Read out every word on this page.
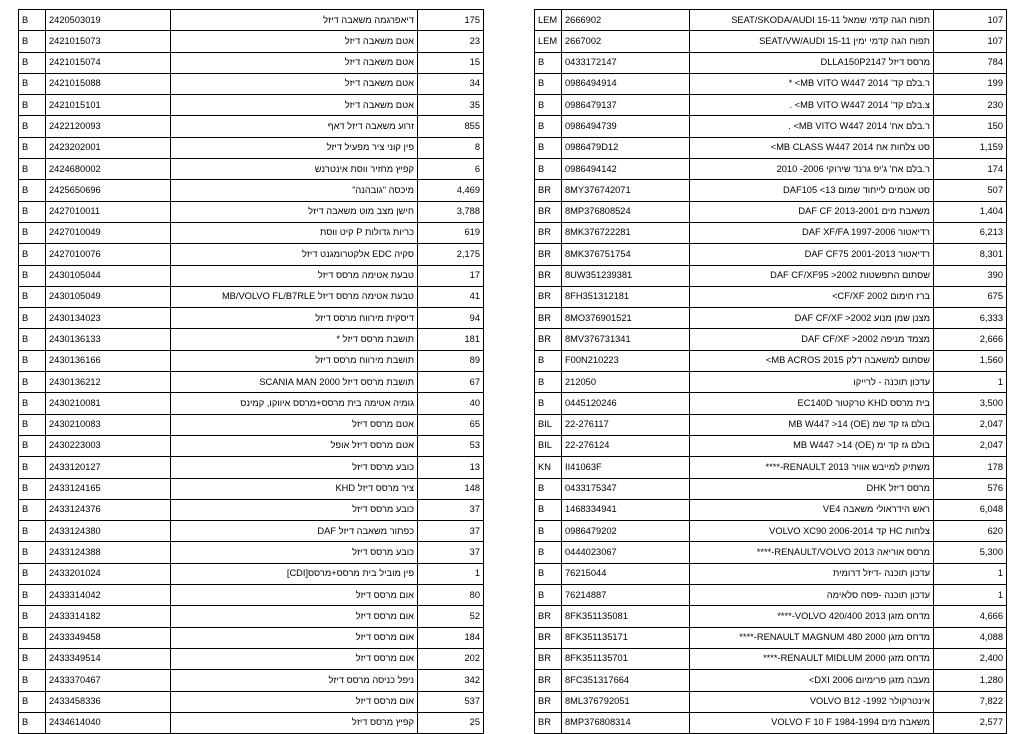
B	2420503019	דיאפרגמה משאבה דיזל	175
B	2421015073	אטם משאבה דיזל	23
B	2421015074	אטם משאבה דיזל	15
B	2421015088	אטם משאבה דיזל	34
B	2421015101	אטם משאבה דיזל	35
B	2422120093	זרוע משאבה דיזל דאף	855
B	2423202001	פין קוני ציר מפעיל דיזל	8
B	2424680002	קפיץ מחזיר ווסת אינטרנש	6
B	2425650696	מיכסה "גובהנה"	4,469
B	2427010011	חישן מצב מוט משאבה דיזל	3,788
B	2427010049	כריות גדולות P קיט ווסת	619
B	2427010076	סקיה EDC אלקטרומגנט דיזל	2,175
B	2430105044	טבעת אטימה מרסס דיזל	17
B	2430105049	טבעת אטימה מרסס דיזל MB/VOLVO FL/B7RLE	41
B	2430134023	דיסקית מירווח מרסס דיזל	94
B	2430136133	תושבת מרסס דיזל *	181
B	2430136166	תושבת מירווח מרסס דיזל	89
B	2430136212	תושבת מרסס דיזל SCANIA MAN 2000	67
B	2430210081	גומיה אטימה בית מרסס+מרסס איווקו, קמינס	40
B	2430210083	אטם מרסס דיזל	65
B	2430223003	אטם מרסס דיזל אופל	53
B	2433120127	כובע מרסס דיזל	13
B	2433124165	ציר מרסס דיזל KHD	148
B	2433124376	כובע מרסס דיזל	37
B	2433124380	כפתור משאבה דיזל DAF	37
B	2433124388	כובע מרסס דיזל	37
B	2433201024	פין מוביל בית מרסס+מרסס[CDI]	1
B	2433314042	אום מרסס דיזל	80
B	2433314182	אום מרסס דיזל	52
B	2433349458	אום מרסס דיזל	184
B	2433349514	אום מרסס דיזל	202
B	2433370467	ניפל כניסה מרסס דיזל	342
B	2433458336	אום מרסס דיזל	537
B	2434614040	קפיץ מרסס דיזל	25
LEM	2666902	תפוח הגה קדמי שמאל SEAT/SKODA/AUDI 15-11	107
LEM	2667002	תפוח הגה קדמי ימין SEAT/VW/AUDI 15-11	107
B	0433172147	מרסס דיזל DLLA150P2147	784
B	0986494914	ר.בלם קד' 2014 MB VITO W447> *	199
B	0986479137	צ.בלם קד' 2014 MB VITO W447> .	230
B	0986494739	ר.בלם אח' 2014 MB VITO W447> .	150
B	0986479D12	סט צלחות אח 2014 MB CLASS W447>	1,159
B	0986494142	ר.בלם אח' ג'יפ גרנד שירוקי 2006- 2010	174
BR	8MY376742071	סט אטמים לייחוד שמום 13> DAF105	507
BR	8MP376808524	משאבת מים DAF CF 2013-2001	1,404
BR	8MK376722281	רדיאטור DAF XF/FA 1997-2006	6,213
BR	8MK376751754	רדיאטור DAF CF75 2001-2013	8,301
BR	8UW351239381	שסתום התפשטות DAF CF/XF95 >2002	390
BR	8FH351312181	ברז חימום 2002 CF/XF>	675
BR	8MO376901521	מצנן שמן מנוע DAF CF/XF >2002	6,333
BR	8MV376731341	מצמד מניפה DAF CF/XF >2002	2,666
B	F00N210223	שסתום למשאבה דלק 2015 MB ACROS>	1,560
B	212050	עדכון תוכנה - לרייקו	1
B	0445120246	בית מרסס KHD טרקטור EC140D	3,500
BIL	22-276117	בולם גז קד שמ MB W447 >14 (OE)	2,047
BIL	22-276124	בולם גז קד ימ MB W447 >14 (OE)	2,047
KN	II41063F	משתיק למייבש אוויר RENAULT 2013-****	178
B	0433175347	מרסס דיזל DHK	576
B	1468334941	ראש הידראולי משאבה VE4	6,048
B	0986479202	צלחות HC קד VOLVO XC90 2006-2014	620
B	0444023067	מרסס אוריאה RENAULT/VOLVO 2013-****	5,300
B	76215044	עדכון תוכנה -דיזל דרומית	1
B	76214887	עדכון תוכנה -פסח סלאימה	1
BR	8FK351135081	מדחס מזגן VOLVO 420/400 2013-****	4,666
BR	8FK351135171	מדחס מזגן RENAULT MAGNUM 480 2000-****	4,088
BR	8FK351135701	מדחס מזגן RENAULT MIDLUM 2000-****	2,400
BR	8FC351317664	מעבה מזגן פרימיום 2006 DXI>	1,280
BR	8ML376792051	אינטרקולר 1992- VOLVO B12	7,822
BR	8MP376808314	משאבת מים VOLVO F 10 F 1984-1994	2,577
